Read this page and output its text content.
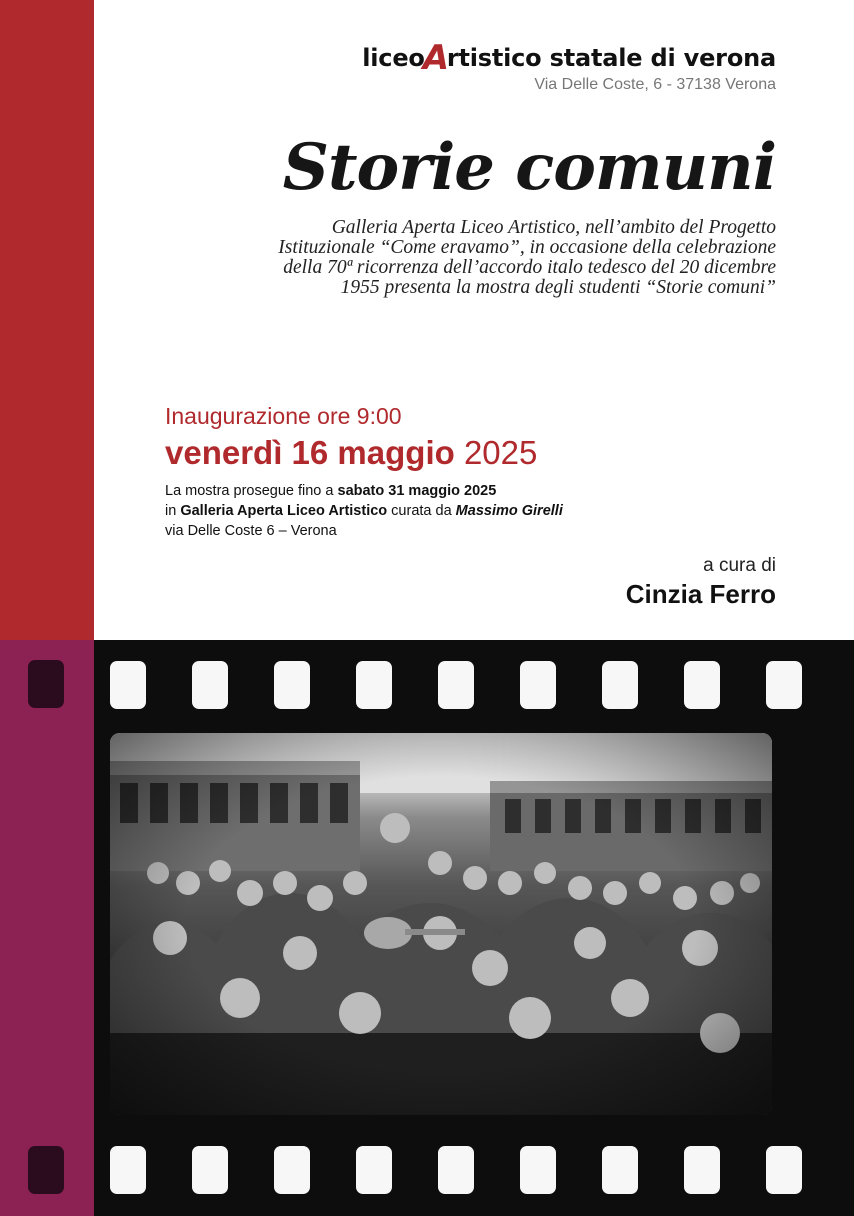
liceoArtistico statale di verona
Via Delle Coste, 6 - 37138 Verona
Storie comuni
Galleria Aperta Liceo Artistico, nell’ambito del Progetto Istituzionale “Come eravamo”, in occasione della celebrazione della 70ª ricorrenza dell’accordo italo tedesco del 20 dicembre 1955 presenta la mostra degli studenti “Storie comuni”
Inaugurazione ore 9:00
venerdì 16 maggio 2025
La mostra prosegue fino a sabato 31 maggio 2025
in Galleria Aperta Liceo Artistico curata da Massimo Girelli
via Delle Coste 6 – Verona
a cura di
Cinzia Ferro
